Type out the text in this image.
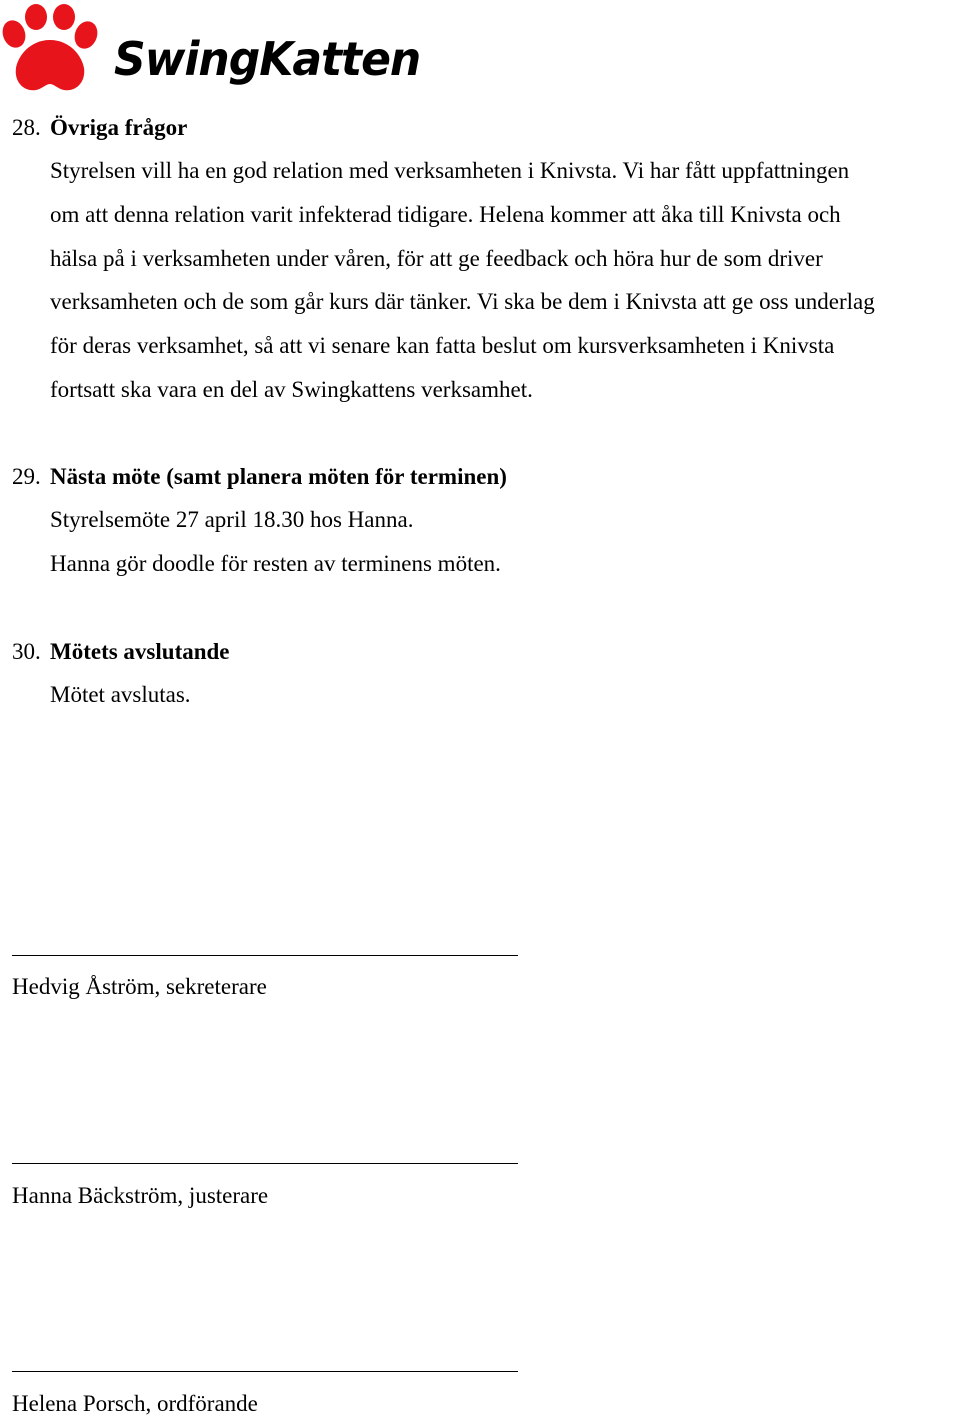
SwingKatten
28. Övriga frågor
Styrelsen vill ha en god relation med verksamheten i Knivsta. Vi har fått uppfattningen
om att denna relation varit infekterad tidigare. Helena kommer att åka till Knivsta och
hälsa på i verksamheten under våren, för att ge feedback och höra hur de som driver
verksamheten och de som går kurs där tänker. Vi ska be dem i Knivsta att ge oss underlag
för deras verksamhet, så att vi senare kan fatta beslut om kursverksamheten i Knivsta
fortsatt ska vara en del av Swingkattens verksamhet.
29. Nästa möte (samt planera möten för terminen)
Styrelsemöte 27 april 18.30 hos Hanna.
Hanna gör doodle för resten av terminens möten.
30. Mötets avslutande
Mötet avslutas.
Hedvig Åström, sekreterare
Hanna Bäckström, justerare
Helena Porsch, ordförande
